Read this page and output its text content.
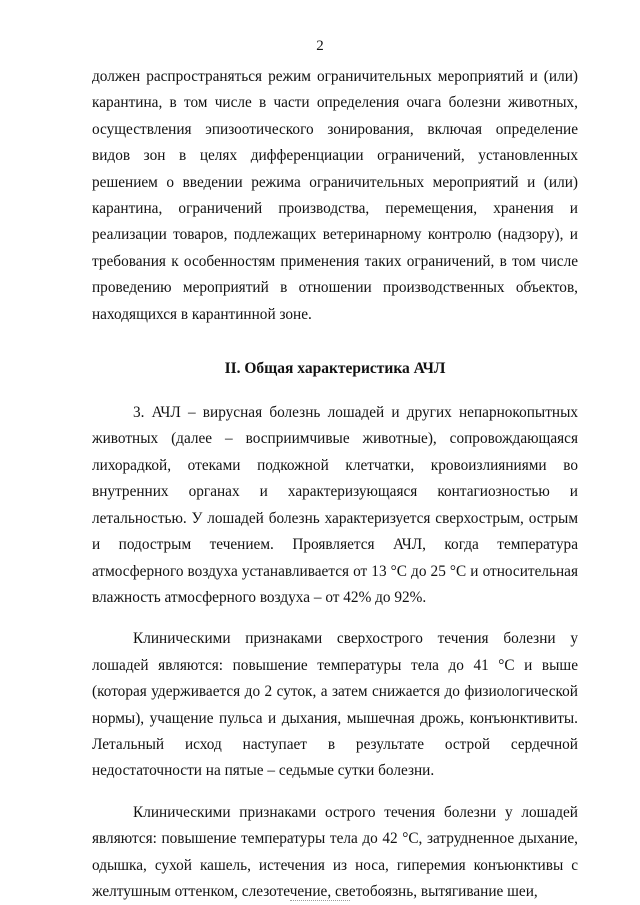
2

должен распространяться режим ограничительных мероприятий и (или) карантина, в том числе в части определения очага болезни животных, осуществления эпизоотического зонирования, включая определение видов зон в целях дифференциации ограничений, установленных решением о введении режима ограничительных мероприятий и (или) карантина, ограничений производства, перемещения, хранения и реализации товаров, подлежащих ветеринарному контролю (надзору), и требования к особенностям применения таких ограничений, в том числе проведению мероприятий в отношении производственных объектов, находящихся в карантинной зоне.

II. Общая характеристика АЧЛ

3. АЧЛ – вирусная болезнь лошадей и других непарнокопытных животных (далее – восприимчивые животные), сопровождающаяся лихорадкой, отеками подкожной клетчатки, кровоизлияниями во внутренних органах и характеризующаяся контагиозностью и летальностью. У лошадей болезнь характеризуется сверхострым, острым и подострым течением. Проявляется АЧЛ, когда температура атмосферного воздуха устанавливается от 13 °С до 25 °С и относительная влажность атмосферного воздуха – от 42% до 92%.

Клиническими признаками сверхострого течения болезни у лошадей являются: повышение температуры тела до 41 °С и выше (которая удерживается до 2 суток, а затем снижается до физиологической нормы), учащение пульса и дыхания, мышечная дрожь, конъюнктивиты. Летальный исход наступает в результате острой сердечной недостаточности на пятые – седьмые сутки болезни.

Клиническими признаками острого течения болезни у лошадей являются: повышение температуры тела до 42 °С, затрудненное дыхание, одышка, сухой кашель, истечения из носа, гиперемия конъюнктивы с желтушным оттенком, слезотечение, светобоязнь, вытягивание шеи,
